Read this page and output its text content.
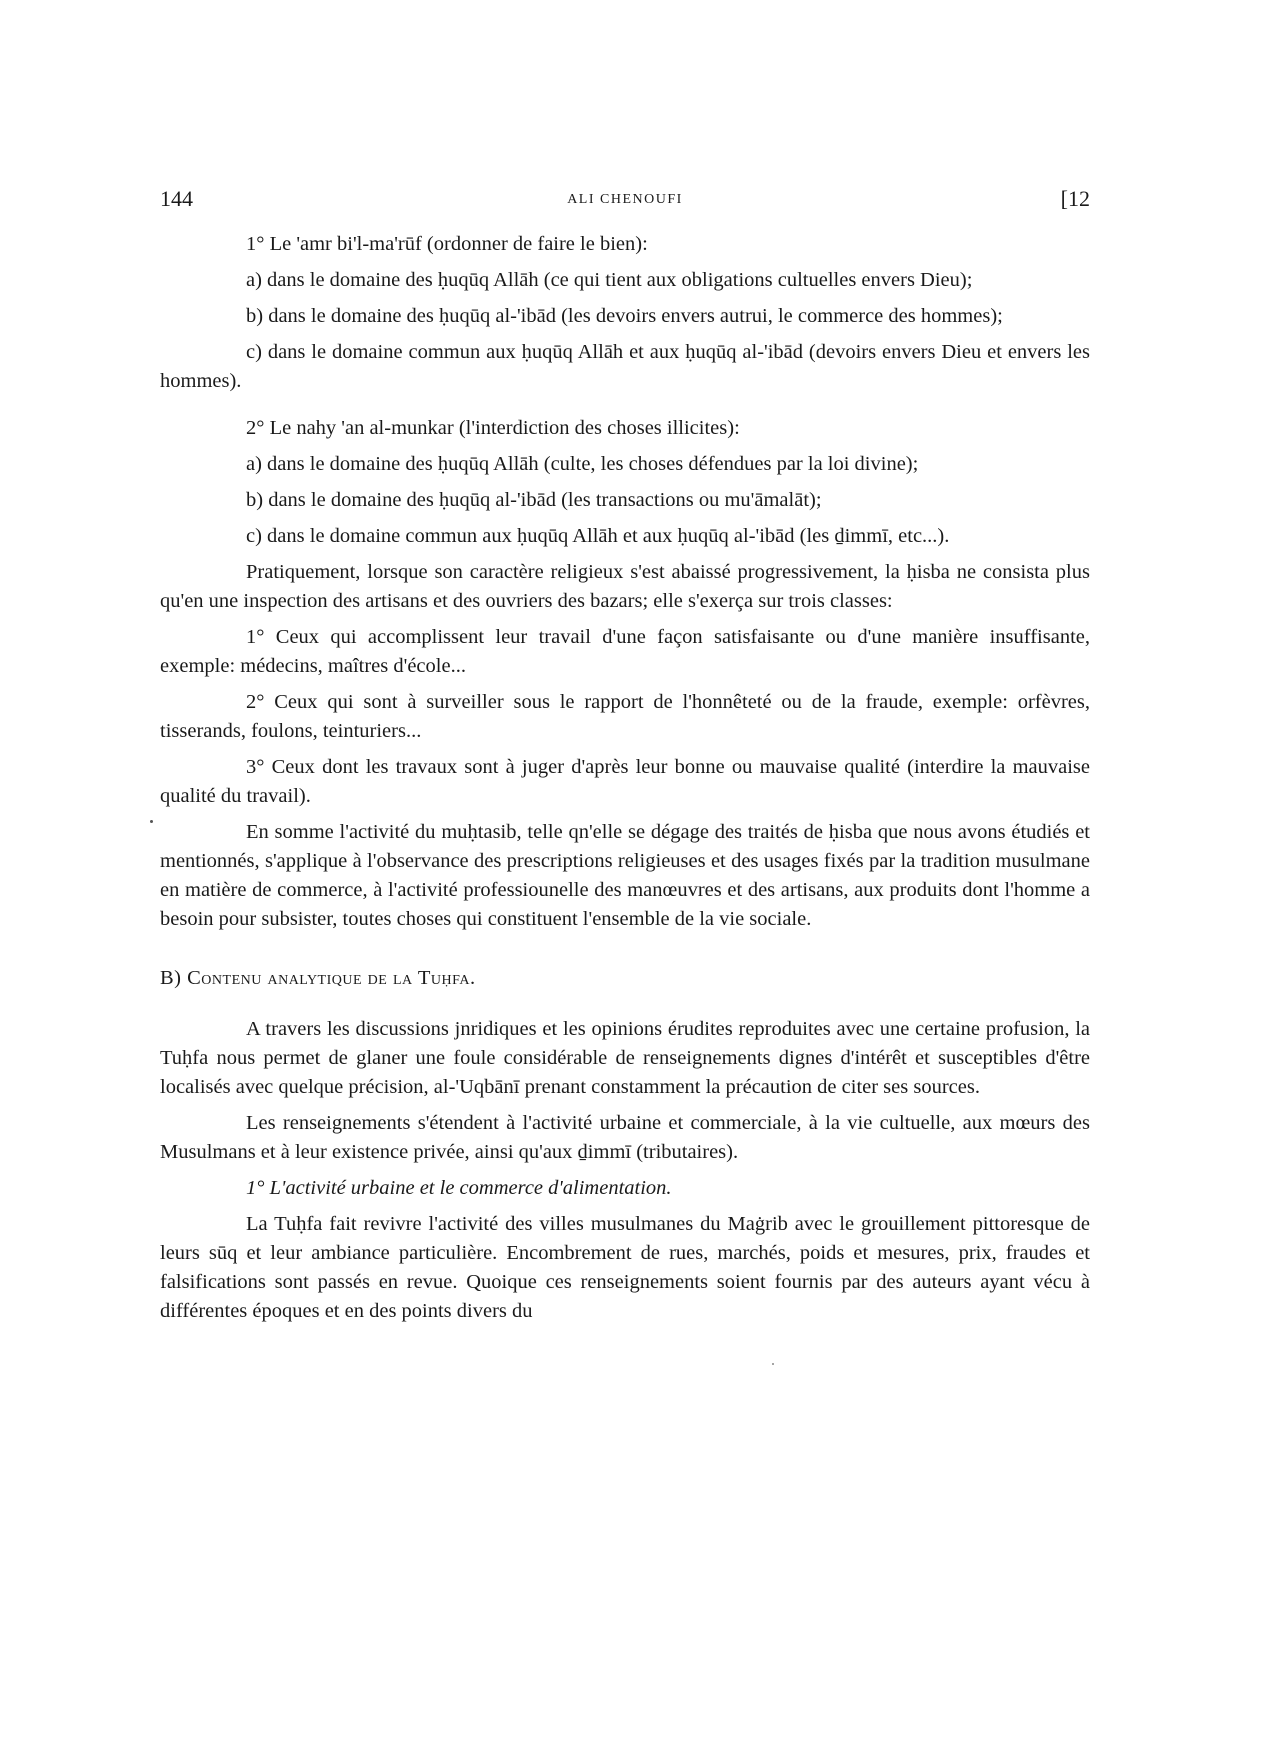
144	ALI CHENOUFI	[12

1° Le 'amr bi'l-ma'rūf (ordonner de faire le bien):

a) dans le domaine des ḥuqūq Allāh (ce qui tient aux obligations cultuelles envers Dieu);

b) dans le domaine des ḥuqūq al-'ibād (les devoirs envers autrui, le commerce des hommes);

c) dans le domaine commun aux ḥuqūq Allāh et aux ḥuqūq al-'ibād (devoirs envers Dieu et envers les hommes).

2° Le nahy 'an al-munkar (l'interdiction des choses illicites):

a) dans le domaine des ḥuqūq Allāh (culte, les choses défendues par la loi divine);

b) dans le domaine des ḥuqūq al-'ibād (les transactions ou mu'āmalāt);

c) dans le domaine commun aux ḥuqūq Allāh et aux ḥuqūq al-'ibād (les ḏimmī, etc...).

Pratiquement, lorsque son caractère religieux s'est abaissé progressivement, la ḥisba ne consista plus qu'en une inspection des artisans et des ouvriers des bazars; elle s'exerça sur trois classes:

1° Ceux qui accomplissent leur travail d'une façon satisfaisante ou d'une manière insuffisante, exemple: médecins, maîtres d'école...

2° Ceux qui sont à surveiller sous le rapport de l'honnêteté ou de la fraude, exemple: orfèvres, tisserands, foulons, teinturiers...

3° Ceux dont les travaux sont à juger d'après leur bonne ou mauvaise qualité (interdire la mauvaise qualité du travail).

En somme l'activité du muḥtasib, telle qn'elle se dégage des traités de ḥisba que nous avons étudiés et mentionnés, s'applique à l'observance des prescriptions religieuses et des usages fixés par la tradition musulmane en matière de commerce, à l'activité professiounelle des manœuvres et des artisans, aux produits dont l'homme a besoin pour subsister, toutes choses qui constituent l'ensemble de la vie sociale.

B) Contenu analytique de la Tuḥfa.

A travers les discussions jnridiques et les opinions érudites reproduites avec une certaine profusion, la Tuḥfa nous permet de glaner une foule considérable de renseignements dignes d'intérêt et susceptibles d'être localisés avec quelque précision, al-'Uqbānī prenant constamment la précaution de citer ses sources.

Les renseignements s'étendent à l'activité urbaine et commerciale, à la vie cultuelle, aux mœurs des Musulmans et à leur existence privée, ainsi qu'aux ḏimmī (tributaires).

1° L'activité urbaine et le commerce d'alimentation.

La Tuḥfa fait revivre l'activité des villes musulmanes du Maġrib avec le grouillement pittoresque de leurs sūq et leur ambiance particulière. Encombrement de rues, marchés, poids et mesures, prix, fraudes et falsifications sont passés en revue. Quoique ces renseignements soient fournis par des auteurs ayant vécu à différentes époques et en des points divers du
